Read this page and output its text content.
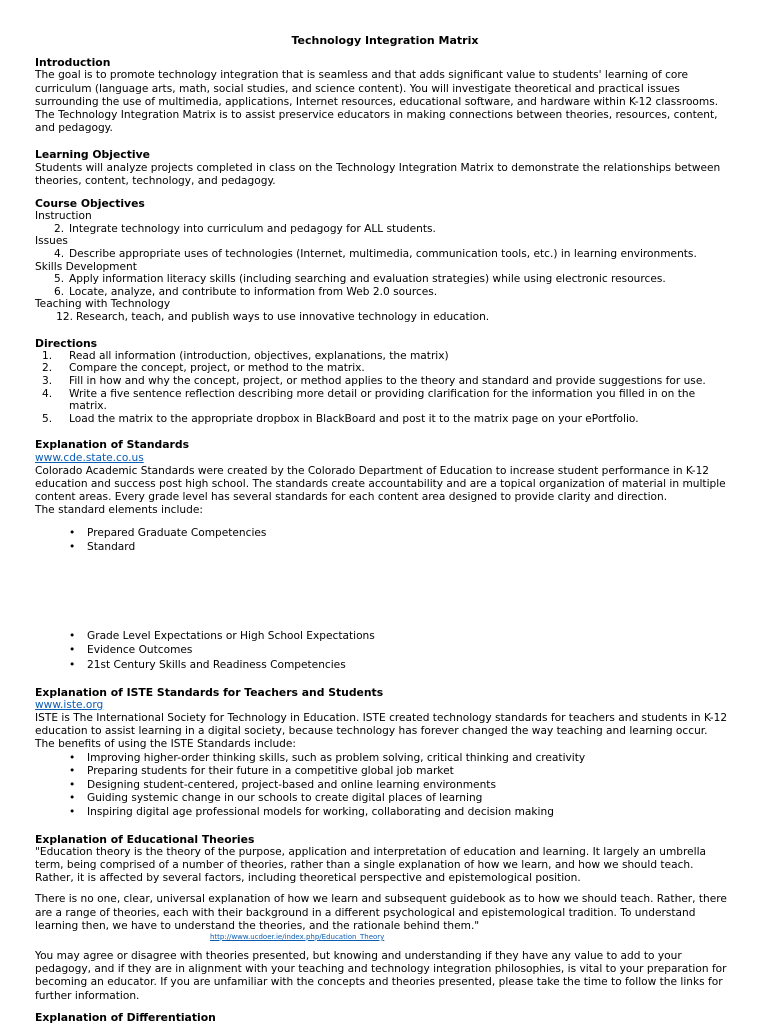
Technology Integration Matrix
Introduction

The goal is to promote technology integration that is seamless and that adds significant value to students' learning of core curriculum (language arts, math, social studies, and science content). You will investigate theoretical and practical issues surrounding the use of multimedia, applications, Internet resources, educational software, and hardware within K-12 classrooms. The Technology Integration Matrix is to assist preservice educators in making connections between theories, resources, content, and pedagogy.

Learning Objective

Students will analyze projects completed in class on the Technology Integration Matrix to demonstrate the relationships between theories, content, technology, and pedagogy.

Course Objectives
Instruction
2. Integrate technology into curriculum and pedagogy for ALL students.
Issues
4. Describe appropriate uses of technologies (Internet, multimedia, communication tools, etc.) in learning environments.
Skills Development
5. Apply information literacy skills (including searching and evaluation strategies) while using electronic resources.
6. Locate, analyze, and contribute to information from Web 2.0 sources.
Teaching with Technology
12. Research, teach, and publish ways to use innovative technology in education.
Directions
1. Read all information (introduction, objectives, explanations, the matrix)
2. Compare the concept, project, or method to the matrix.
3. Fill in how and why the concept, project, or method applies to the theory and standard and provide suggestions for use.
4. Write a five sentence reflection describing more detail or providing clarification for the information you filled in on the matrix.
5. Load the matrix to the appropriate dropbox in BlackBoard and post it to the matrix page on your ePortfolio.
Explanation of Standards
www.cde.state.co.us

Colorado Academic Standards were created by the Colorado Department of Education to increase student performance in K-12 education and success post high school. The standards create accountability and are a topical organization of material in multiple content areas. Every grade level has several standards for each content area designed to provide clarity and direction.

The standard elements include:

• Prepared Graduate Competencies
• Standard
• Grade Level Expectations or High School Expectations
• Evidence Outcomes
• 21st Century Skills and Readiness Competencies
Explanation of ISTE Standards for Teachers and Students
www.iste.org

ISTE is The International Society for Technology in Education. ISTE created technology standards for teachers and students in K-12 education to assist learning in a digital society, because technology has forever changed the way teaching and learning occur.

The benefits of using the ISTE Standards include:

• Improving higher-order thinking skills, such as problem solving, critical thinking and creativity
• Preparing students for their future in a competitive global job market
• Designing student-centered, project-based and online learning environments
• Guiding systemic change in our schools to create digital places of learning
• Inspiring digital age professional models for working, collaborating and decision making
Explanation of Educational Theories

"Education theory is the theory of the purpose, application and interpretation of education and learning. It largely an umbrella term, being comprised of a number of theories, rather than a single explanation of how we learn, and how we should teach. Rather, it is affected by several factors, including theoretical perspective and epistemological position.

There is no one, clear, universal explanation of how we learn and subsequent guidebook as to how we should teach. Rather, there are a range of theories, each with their background in a different psychological and epistemological tradition. To understand learning then, we have to understand the theories, and the rationale behind them."

http://www.ucdoer.ie/index.php/Education_Theory

You may agree or disagree with theories presented, but knowing and understanding if they have any value to add to your pedagogy, and if they are in alignment with your teaching and technology integration philosophies, is vital to your preparation for becoming an educator. If you are unfamiliar with the concepts and theories presented, please take the time to follow the links for further information.

Explanation of Differentiation
